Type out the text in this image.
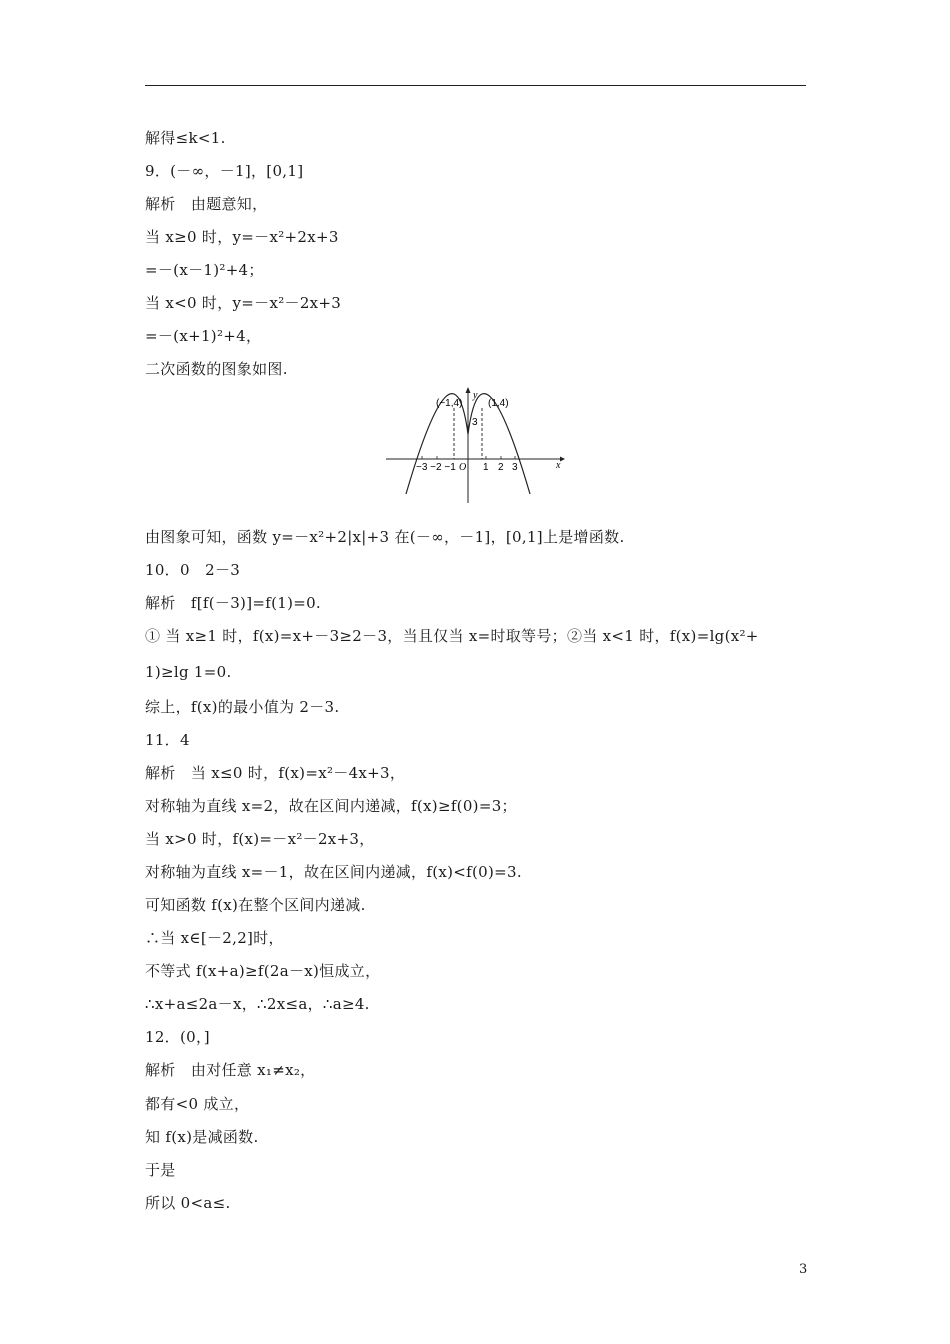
解得≤k<1.
9．(－∞，－1]，[0,1]
解析　由题意知，
当 x≥0 时，y=－x²+2x+3
=－(x－1)²+4；
当 x<0 时，y=－x²－2x+3
=－(x+1)²+4，
二次函数的图象如图.
(−1,4)	(1,4)
y
x
3
−3 −2 −1 O 1 2 3
由图象可知，函数 y=－x²+2|x|+3 在(－∞，－1]，[0,1]上是增函数.
10．0　2－3
解析　f[f(－3)]=f(1)=0.
① 当 x≥1 时，f(x)=x+－3≥2－3，当且仅当 x=时取等号；②当 x<1 时，f(x)=lg(x²+
1)≥lg 1=0.
综上，f(x)的最小值为 2－3.
11．4
解析　当 x≤0 时，f(x)=x²－4x+3，
对称轴为直线 x=2，故在区间内递减，f(x)≥f(0)=3；
当 x>0 时，f(x)=－x²－2x+3，
对称轴为直线 x=－1，故在区间内递减，f(x)<f(0)=3.
可知函数 f(x)在整个区间内递减.
∴当 x∈[－2,2]时，
不等式 f(x+a)≥f(2a－x)恒成立，
∴x+a≤2a－x，∴2x≤a，∴a≥4.
12．(0，]
解析　由对任意 x₁≠x₂，
都有<0 成立，
知 f(x)是减函数.
于是
所以 0<a≤.
3
